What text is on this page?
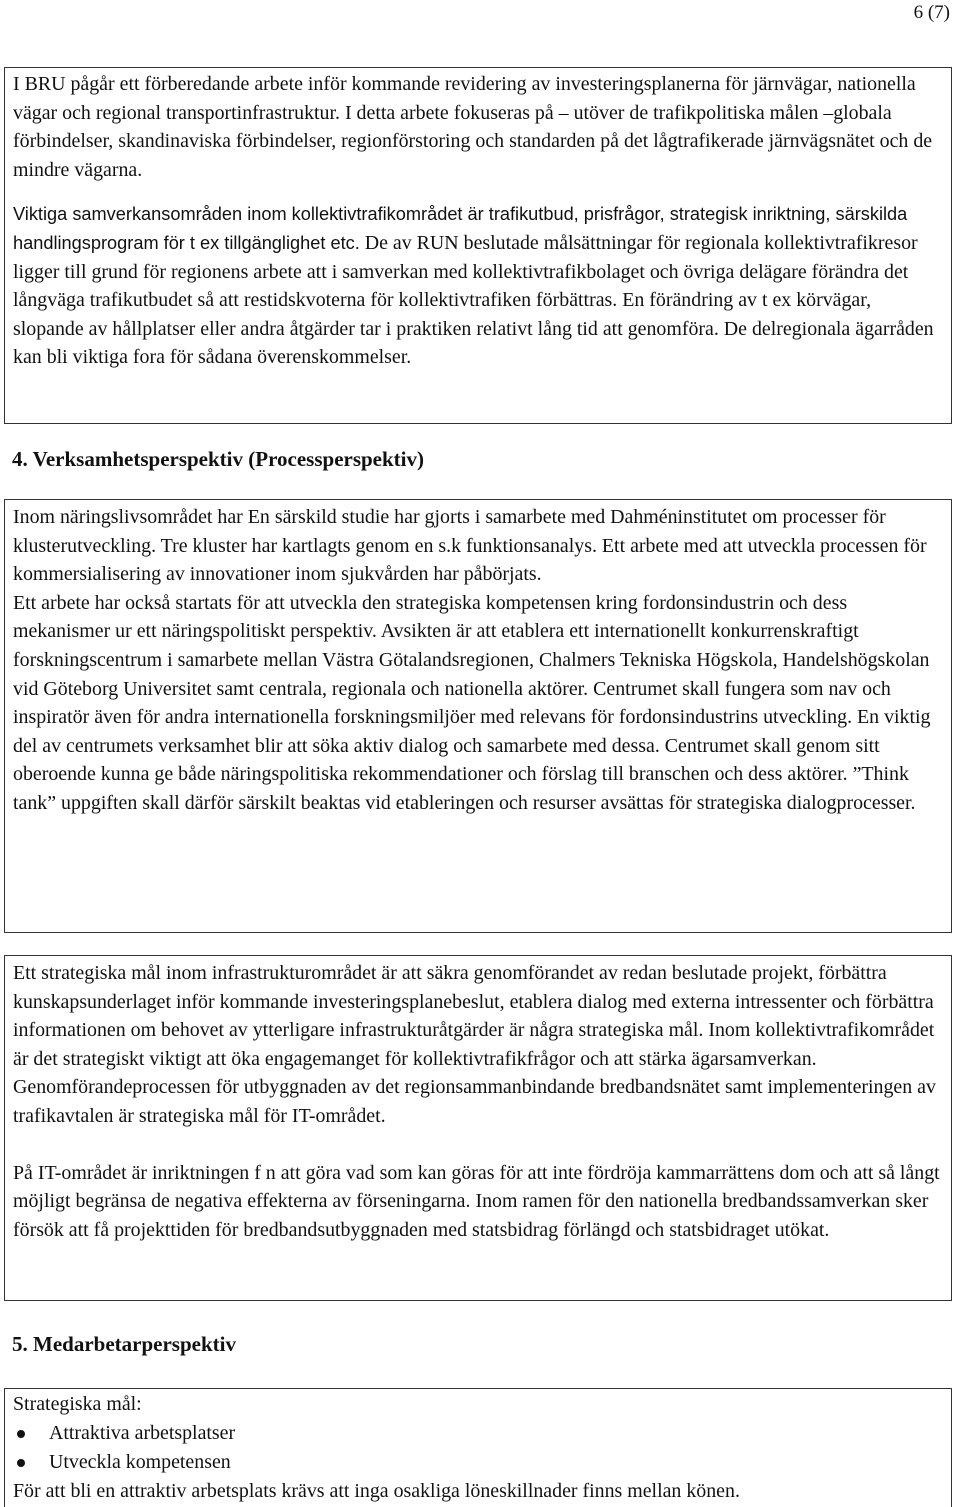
6 (7)

I BRU pågår ett förberedande arbete inför kommande revidering av investeringsplanerna för järnvägar, nationella vägar och regional transportinfrastruktur. I detta arbete fokuseras på – utöver de trafikpolitiska målen –globala förbindelser, skandinaviska förbindelser, regionförstoring och standarden på det lågtrafikerade järnvägsnätet och de mindre vägarna.

Viktiga samverkansområden inom kollektivtrafikområdet är trafikutbud, prisfrågor, strategisk inriktning, särskilda handlingsprogram för t ex tillgänglighet etc. De av RUN beslutade målsättningar för regionala kollektivtrafikresor ligger till grund för regionens arbete att i samverkan med kollektivtrafikbolaget och övriga delägare förändra det långväga trafikutbudet så att restidskvoterna för kollektivtrafiken förbättras. En förändring av t ex körvägar, slopande av hållplatser eller andra åtgärder tar i praktiken relativt lång tid att genomföra. De delregionala ägarråden kan bli viktiga fora för sådana överenskommelser.

4. Verksamhetsperspektiv (Processperspektiv)

Inom näringslivsområdet har En särskild studie har gjorts i samarbete med Dahméninstitutet om processer för klusterutveckling. Tre kluster har kartlagts genom en s.k funktionsanalys. Ett arbete med att utveckla processen för kommersialisering av innovationer inom sjukvården har påbörjats.

Ett arbete har också startats för att utveckla den strategiska kompetensen kring fordonsindustrin och dess mekanismer ur ett näringspolitiskt perspektiv. Avsikten är att etablera ett internationellt konkurrenskraftigt forskningscentrum i samarbete mellan Västra Götalandsregionen, Chalmers Tekniska Högskola, Handelshögskolan vid Göteborg Universitet samt centrala, regionala och nationella aktörer. Centrumet skall fungera som nav och inspiratör även för andra internationella forskningsmiljöer med relevans för fordonsindustrins utveckling. En viktig del av centrumets verksamhet blir att söka aktiv dialog och samarbete med dessa. Centrumet skall genom sitt oberoende kunna ge både näringspolitiska rekommendationer och förslag till branschen och dess aktörer. ”Think tank” uppgiften skall därför särskilt beaktas vid etableringen och resurser avsättas för strategiska dialogprocesser.

Ett strategiska mål inom infrastrukturområdet är att säkra genomförandet av redan beslutade projekt, förbättra kunskapsunderlaget inför kommande investeringsplanebeslut, etablera dialog med externa intressenter och förbättra informationen om behovet av ytterligare infrastrukturåtgärder är några strategiska mål. Inom kollektivtrafikområdet är det strategiskt viktigt att öka engagemanget för kollektivtrafikfrågor och att stärka ägarsamverkan. Genomförandeprocessen för utbyggnaden av det regionsammanbindande bredbandsnätet samt implementeringen av trafikavtalen är strategiska mål för IT-området.

På IT-området är inriktningen f n att göra vad som kan göras för att inte fördröja kammarrättens dom och att så långt möjligt begränsa de negativa effekterna av förseningarna. Inom ramen för den nationella bredbandssamverkan sker försök att få projekttiden för bredbandsutbyggnaden med statsbidrag förlängd och statsbidraget utökat.

5. Medarbetarperspektiv

Strategiska mål:

Attraktiva arbetsplatser
Utveckla kompetensen

För att bli en attraktiv arbetsplats krävs att inga osakliga löneskillnader finns mellan könen.
